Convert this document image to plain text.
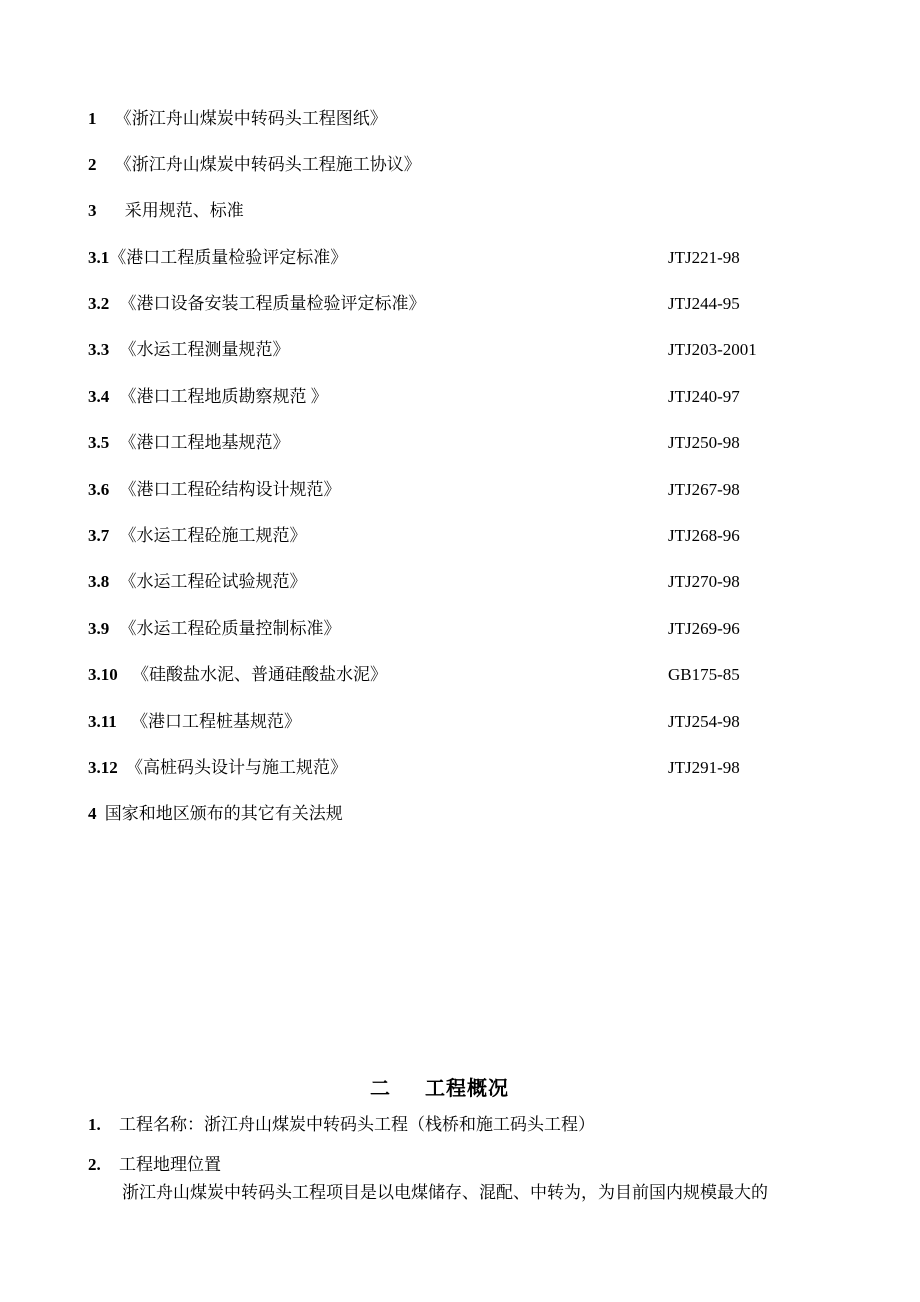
1 《浙江舟山煤炭中转码头工程图纸》
2 《浙江舟山煤炭中转码头工程施工协议》
3 采用规范、标准
3.1《港口工程质量检验评定标准》	JTJ221-98
3.2 《港口设备安装工程质量检验评定标准》	JTJ244-95
3.3 《水运工程测量规范》	JTJ203-2001
3.4 《港口工程地质勘察规范 》	JTJ240-97
3.5 《港口工程地基规范》	JTJ250-98
3.6 《港口工程砼结构设计规范》	JTJ267-98
3.7 《水运工程砼施工规范》	JTJ268-96
3.8 《水运工程砼试验规范》	JTJ270-98
3.9 《水运工程砼质量控制标准》	JTJ269-96
3.10 《硅酸盐水泥、普通硅酸盐水泥》	GB175-85
3.11 《港口工程桩基规范》	JTJ254-98
3.12 《高桩码头设计与施工规范》	JTJ291-98
4 国家和地区颁布的其它有关法规
二 工程概况
1. 工程名称：浙江舟山煤炭中转码头工程（栈桥和施工码头工程）
2. 工程地理位置
浙江舟山煤炭中转码头工程项目是以电煤储存、混配、中转为，为目前国内规模最大的
